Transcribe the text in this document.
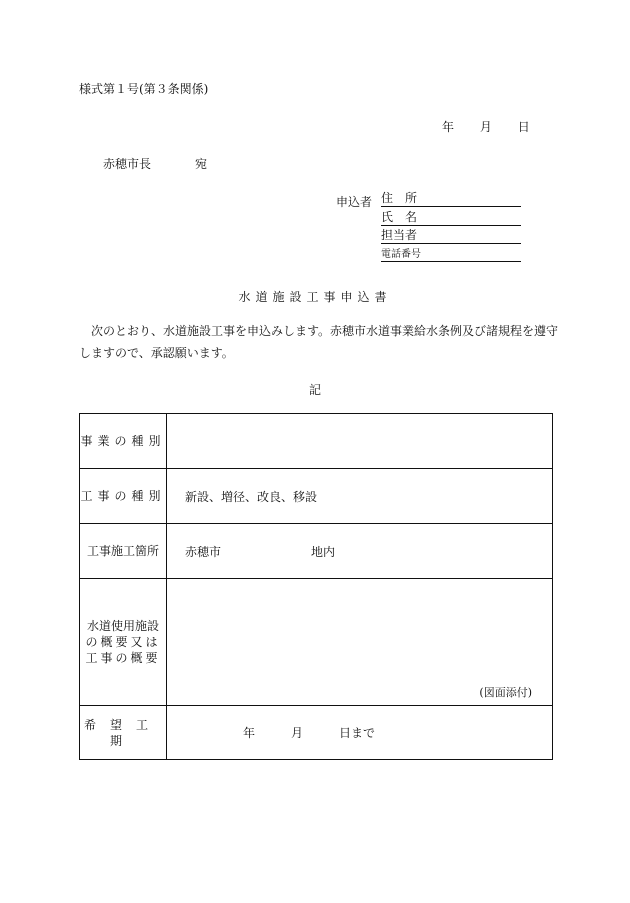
様式第１号(第３条関係)
年 月 日
赤穂市長	宛
申込者 住　所
氏　名
担当者
電話番号
水道施設工事申込書
次のとおり、水道施設工事を申込みします。赤穂市水道事業給水条例及び諸規程を遵守しますので、承認願います。
記
事業の種別	
工事の種別	新設、増径、改良、移設
工事施工箇所	赤穂市 地内

水道使用施設
の概要又は
工事の概要	(図面添付)

希望工期	年 月 日まで
